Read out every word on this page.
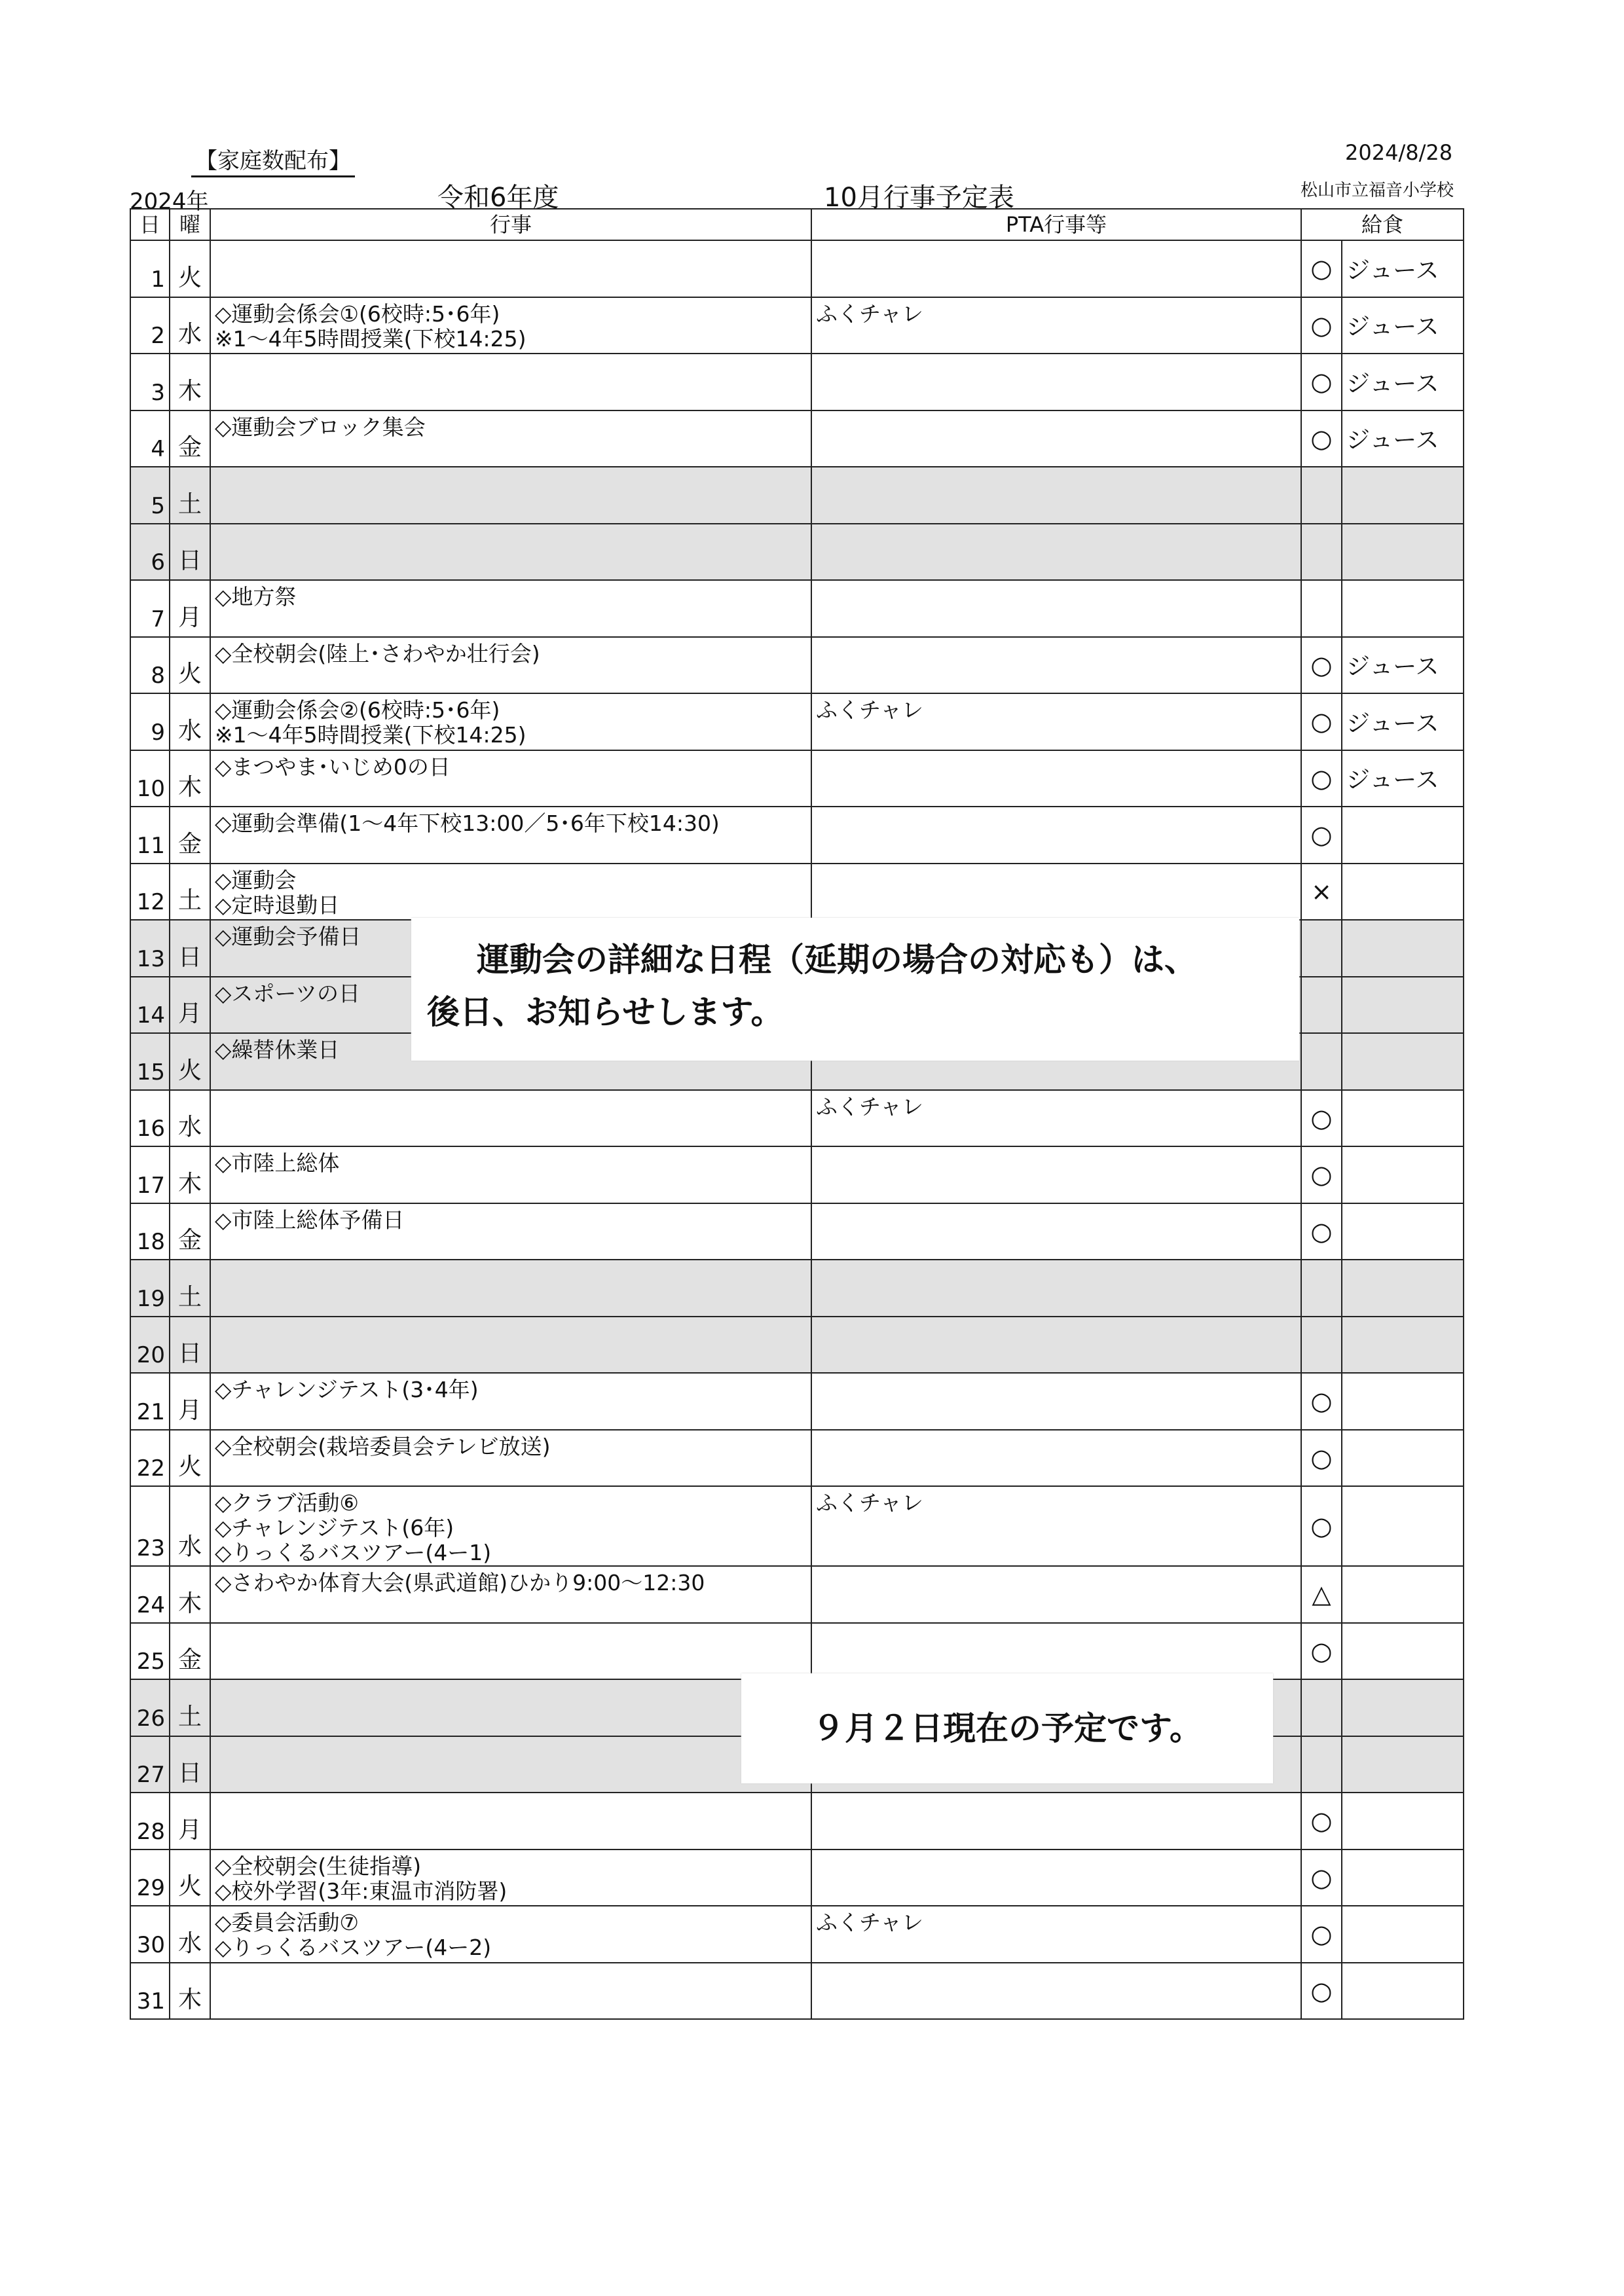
【家庭数配布】
2024年	令和6年度	10月行事予定表
2024/8/28
松山市立福音小学校
日	曜	行事	PTA行事等	給食	
1	火			○	ジュース
2	水	◇運動会係会①(6校時:5･6年)
※1～4年5時間授業(下校14:25)	ふくチャレ	○	ジュース
3	木			○	ジュース
4	金	◇運動会ブロック集会		○	ジュース
5	土				
6	日				
7	月	◇地方祭			

8	火	◇全校朝会(陸上･さわやか壮行会)		○	ジュース
9	水	◇運動会係会②(6校時:5･6年)
※1～4年5時間授業(下校14:25)	ふくチャレ	○	ジュース
10	木	◇まつやま･いじめ0の日		○	ジュース
11	金	◇運動会準備(1～4年下校13:00／5･6年下校14:30)		○	
12	土	◇運動会
◇定時退勤日		×	
13	日	◇運動会予備日			

14	月	◇スポーツの日			

15	火	◇繰替休業日			

16	水		ふくチャレ	○	
17	木	◇市陸上総体		○	
18	金	◇市陸上総体予備日		○	
19	土				
20	日				
21	月	◇チャレンジテスト(3･4年)		○	
22	火	◇全校朝会(栽培委員会テレビ放送)		○	
23	水	◇クラブ活動⑥
◇チャレンジテスト(6年)
◇りっくるバスツアー(4ー1)	ふくチャレ	○	
24	木	◇さわやか体育大会(県武道館)ひかり9:00～12:30		△	
25	金			○	
26	土				
27	日				
28	月			○	
29	火	◇全校朝会(生徒指導)
◇校外学習(3年:東温市消防署)		○	
30	水	◇委員会活動⑦
◇りっくるバスツアー(4ー2)	ふくチャレ	○	
31	木			○	
運動会の詳細な日程（延期の場合の対応も）は、
後日、お知らせします。
９月２日現在の予定です。
